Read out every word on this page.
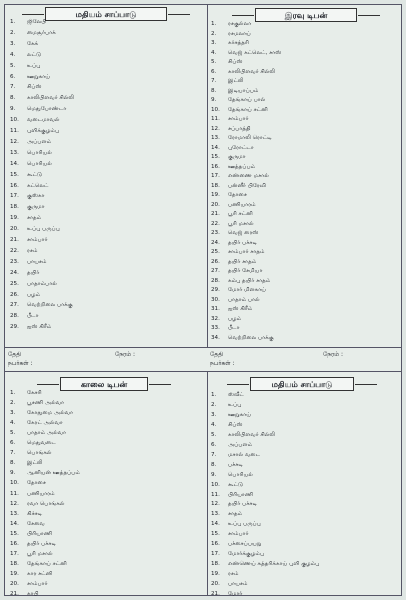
மதியம் சாப்பாடு	இரவு டிபன்
காலை டிபன்	மதியம் சாப்பாடு
1. ஜிலேபி
2. மைசூர்பாக்
3. கேக்
4. லட்டு
5. உப்பு
6. ஊறுகாய்
7. சிப்ஸ்
8. காலிபிளவர் சில்லி
9. மெதுபோண்டா
10. வடைமாவல்
11. புளிக்குழம்பு
12. அப்பளம்
13. பொரியல்
14. பொரியல்
15. கூட்டு
16. கட்லெட்
17. குஸ்கா
18. குருமா
19. சாதம்
20. உப்பு பருப்பு
21. சாம்பார்
22. ரசம்
23. பாயசம்
24. தயிர்
25. பாதாம்பால்
26. பழம்
27. வெற்றிலை பாக்கு
28. பீடா
29. ஐஸ் கிரீம்
1. ரசகுல்லா
2. ரசமலாய்
3. கர்சத்தரி
4. வெஜ் கட்லெட், சாஸ்
5. சிப்ஸ்
6. காலிபிளவர் சில்லி
7. இட்லி
8. இடியாப்பம்
9. தேங்காய் பால்
10. தேங்காய் சட்னி
11. சாம்பார்
12. சப்பாத்தி
13. ரோமாலி ரொட்டி
14. புரோட்டா
15. குருமா
16. ஊத்தப்பம்
17. எண்ணை மசால்
18. பன்னீர் பிரேவி
19. தோசை
20. பணியாரம்
21. பூரி சட்னி
22. பூரி மசால்
23. வெஜ் ரைஸ்
24. தயிர் பச்சடி
25. சாம்பார் சாதம்
26. தயிர் சாதம்
27. தயிர் சேமியா
28. கம்பு தயிர் சாதம்
29. மோர் மிளகாய்
30. பாதாம் பால்
31. ஐஸ் கிரீம்
32. பழம்
33. பீடா
34. வெற்றிலை பாக்கு
1. கேசரி
2. பூசணி அல்வா
3. கோதுமை அல்வா
4. கேரட் அல்வா
5. பாதாம் அல்வா
6. மெதுவடை
7. பொங்கல்
8. இட்லி
9. ஆனியன் ஊத்தப்பம்
10. தோசை
11. பணியாரம்
12. ரவா பொங்கல்
13. கிச்சடி
14. சேவை
15. பிரியாணி
16. தயிர் பச்சடி
17. பூரி மசால்
18. தேங்காய் சட்னி
19. கார சட்னி
20. சாம்பார்
21. காபி
1. ஸ்வீட்
2. உப்பு
3. ஊறுகாய்
4. சிப்ஸ்
5. காலிபிளவர் சில்லி
6. அப்பளம்
7. மசால் வடை
8. பச்சடி
9. பொரியல்
10. கூட்டு
11. பிரியாணி
12. தயிர் பச்சடி
13. சாதம்
14. உப்பு பருப்பு
15. சாம்பார்
16. பச்சைப்பயறு
17. மோர்க்குழம்பு
18. எண்ணெய் கத்தரிக்காய் புளி குழம்பு
19. ரசம்
20. பாயசம்
21. மோர்
தேதி	நேரம் :
நபர்கள் :
தேதி	நேரம் :
நபர்கள் :
